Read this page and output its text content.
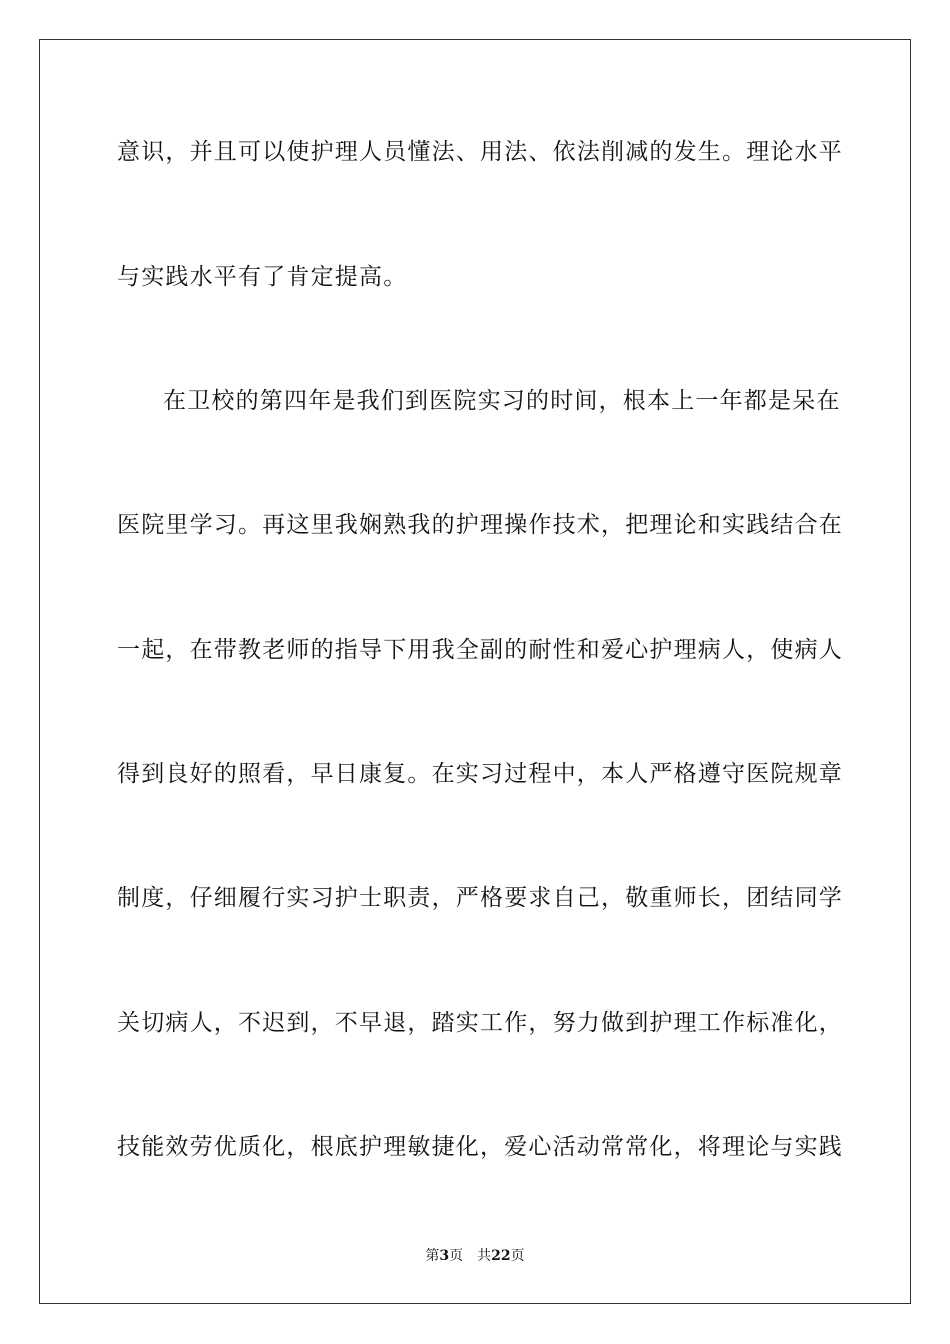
意识，并且可以使护理人员懂法、用法、依法削减的发生。理论水平
与实践水平有了肯定提高。
在卫校的第四年是我们到医院实习的时间，根本上一年都是呆在
医院里学习。再这里我娴熟我的护理操作技术，把理论和实践结合在
一起，在带教老师的指导下用我全副的耐性和爱心护理病人，使病人
得到良好的照看，早日康复。在实习过程中，本人严格遵守医院规章
制度，仔细履行实习护士职责，严格要求自己，敬重师长，团结同学
关切病人，不迟到，不早退，踏实工作，努力做到护理工作标准化，
技能效劳优质化，根底护理敏捷化，爱心活动常常化，将理论与实践
第3页 共22页
